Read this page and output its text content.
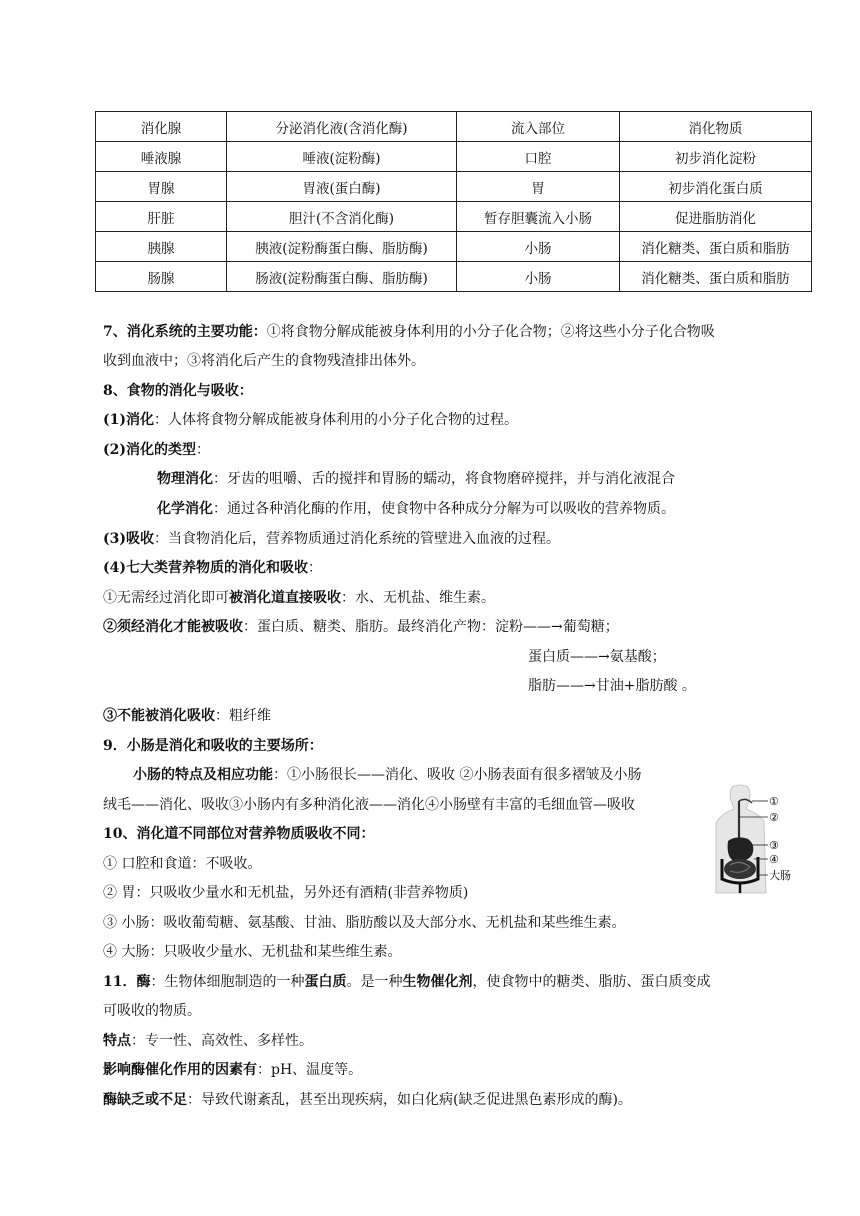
消化腺	分泌消化液(含消化酶)	流入部位	消化物质
唾液腺	唾液(淀粉酶)	口腔	初步消化淀粉
胃腺	胃液(蛋白酶)	胃	初步消化蛋白质
肝脏	胆汁(不含消化酶)	暂存胆囊流入小肠	促进脂肪消化
胰腺	胰液(淀粉酶蛋白酶、脂肪酶)	小肠	消化糖类、蛋白质和脂肪
肠腺	肠液(淀粉酶蛋白酶、脂肪酶)	小肠	消化糖类、蛋白质和脂肪
7、消化系统的主要功能：①将食物分解成能被身体利用的小分子化合物；②将这些小分子化合物吸
收到血液中；③将消化后产生的食物残渣排出体外。
8、食物的消化与吸收：
(1)消化：人体将食物分解成能被身体利用的小分子化合物的过程。
(2)消化的类型：
物理消化：牙齿的咀嚼、舌的搅拌和胃肠的蠕动，将食物磨碎搅拌，并与消化液混合
化学消化：通过各种消化酶的作用，使食物中各种成分分解为可以吸收的营养物质。
(3)吸收：当食物消化后，营养物质通过消化系统的管壁进入血液的过程。
(4)七大类营养物质的消化和吸收：
①无需经过消化即可被消化道直接吸收：水、无机盐、维生素。
②须经消化才能被吸收：蛋白质、糖类、脂肪。最终消化产物：淀粉——→葡萄糖；
蛋白质——→氨基酸；
脂肪——→甘油+脂肪酸 。
③不能被消化吸收：粗纤维
9．小肠是消化和吸收的主要场所：
小肠的特点及相应功能：①小肠很长——消化、吸收 ②小肠表面有很多褶皱及小肠
绒毛——消化、吸收③小肠内有多种消化液——消化④小肠壁有丰富的毛细血管—吸收
10、消化道不同部位对营养物质吸收不同：
① 口腔和食道：不吸收。
② 胃：只吸收少量水和无机盐，另外还有酒精(非营养物质)
③ 小肠：吸收葡萄糖、氨基酸、甘油、脂肪酸以及大部分水、无机盐和某些维生素。
④ 大肠：只吸收少量水、无机盐和某些维生素。
11．酶：生物体细胞制造的一种蛋白质。是一种生物催化剂，使食物中的糖类、脂肪、蛋白质变成
可吸收的物质。
特点：专一性、高效性、多样性。
影响酶催化作用的因素有：pH、温度等。
酶缺乏或不足：导致代谢紊乱，甚至出现疾病，如白化病(缺乏促进黑色素形成的酶)。
①
②
③
④
大肠
